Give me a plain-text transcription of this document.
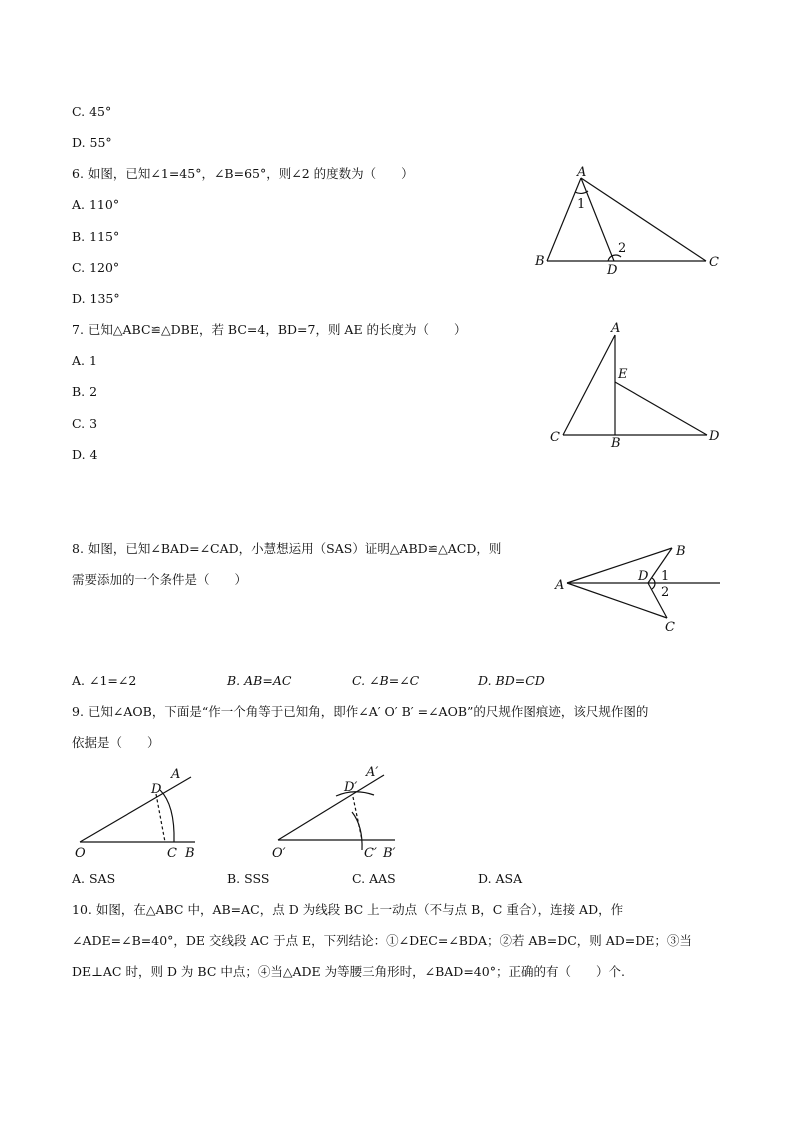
C. 45°
D. 55°
6. 如图，已知∠1=45°，∠B=65°，则∠2 的度数为（　　）
A. 110°
B. 115°
C. 120°
D. 135°
A
1
2
B
D
C
7. 已知△ABC≌△DBE，若 BC=4，BD=7，则 AE 的长度为（　　）
A. 1
B. 2
C. 3
D. 4
A
E
C	B	D
8. 如图，已知∠BAD=∠CAD，小慧想运用（SAS）证明△ABD≌△ACD，则
需要添加的一个条件是（　　）	A
B
D 1
2
C
A. ∠1=∠2	B. AB=AC	C. ∠B=∠C	D. BD=CD
9. 已知∠AOB，下面是“作一个角等于已知角，即作∠A′ O′ B′ =∠AOB”的尺规作图痕迹，该尺规作图的
依据是（　　）
A
D
O	C B
A′
D′
O′	C′ B′
A. SAS	B. SSS	C. AAS	D. ASA
10. 如图，在△ABC 中，AB=AC，点 D 为线段 BC 上一动点（不与点 B，C 重合），连接 AD，作
∠ADE=∠B=40°，DE 交线段 AC 于点 E，下列结论：①∠DEC=∠BDA；②若 AB=DC，则 AD=DE；③当
DE⊥AC 时，则 D 为 BC 中点；④当△ADE 为等腰三角形时，∠BAD=40°；正确的有（　　）个.
